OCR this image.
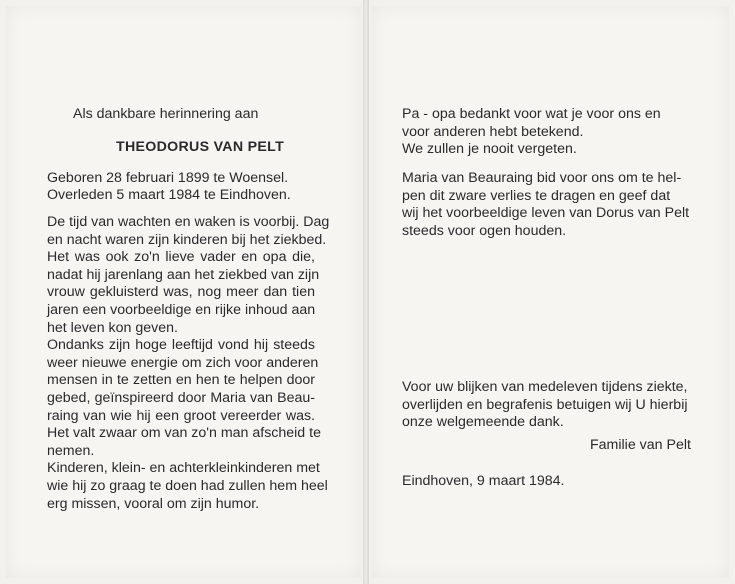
Als dankbare herinnering aan

THEODORUS VAN PELT

Geboren 28 februari 1899 te Woensel.

Overleden 5 maart 1984 te Eindhoven.

De tijd van wachten en waken is voorbij. Dag
en nacht waren zijn kinderen bij het ziekbed.
Het was ook zo'n lieve vader en opa die,
nadat hij jarenlang aan het ziekbed van zijn
vrouw gekluisterd was, nog meer dan tien
jaren een voorbeeldige en rijke inhoud aan
het leven kon geven.
Ondanks zijn hoge leeftijd vond hij steeds
weer nieuwe energie om zich voor anderen
mensen in te zetten en hen te helpen door
gebed, geïnspireerd door Maria van Beau-
raing van wie hij een groot vereerder was.
Het valt zwaar om van zo'n man afscheid te
nemen.
Kinderen, klein- en achterkleinkinderen met
wie hij zo graag te doen had zullen hem heel
erg missen, vooral om zijn humor.
Pa - opa bedankt voor wat je voor ons en
voor anderen hebt betekend.
We zullen je nooit vergeten.
Maria van Beauraing bid voor ons om te hel-
pen dit zware verlies te dragen en geef dat
wij het voorbeeldige leven van Dorus van Pelt
steeds voor ogen houden.
Voor uw blijken van medeleven tijdens ziekte,
overlijden en begrafenis betuigen wij U hierbij
onze welgemeende dank.

Familie van Pelt

Eindhoven, 9 maart 1984.
